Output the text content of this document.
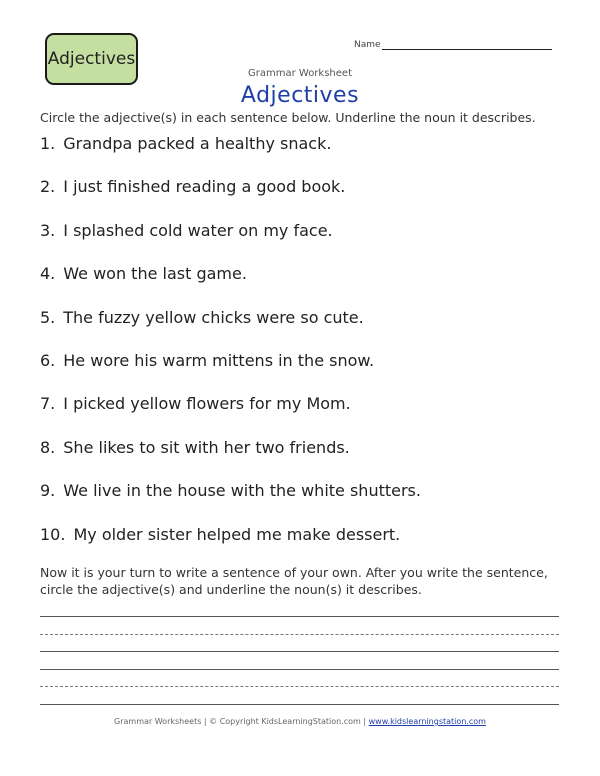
Adjectives
Name
Grammar Worksheet
Adjectives
Circle the adjective(s) in each sentence below. Underline the noun it describes.
1. Grandpa packed a healthy snack.
2. I just finished reading a good book.
3. I splashed cold water on my face.
4. We won the last game.
5. The fuzzy yellow chicks were so cute.
6. He wore his warm mittens in the snow.
7. I picked yellow flowers for my Mom.
8. She likes to sit with her two friends.
9. We live in the house with the white shutters.
10. My older sister helped me make dessert.
Now it is your turn to write a sentence of your own. After you write the sentence, circle the adjective(s) and underline the noun(s) it describes.
Grammar Worksheets | © Copyright KidsLearningStation.com | www.kidslearningstation.com
